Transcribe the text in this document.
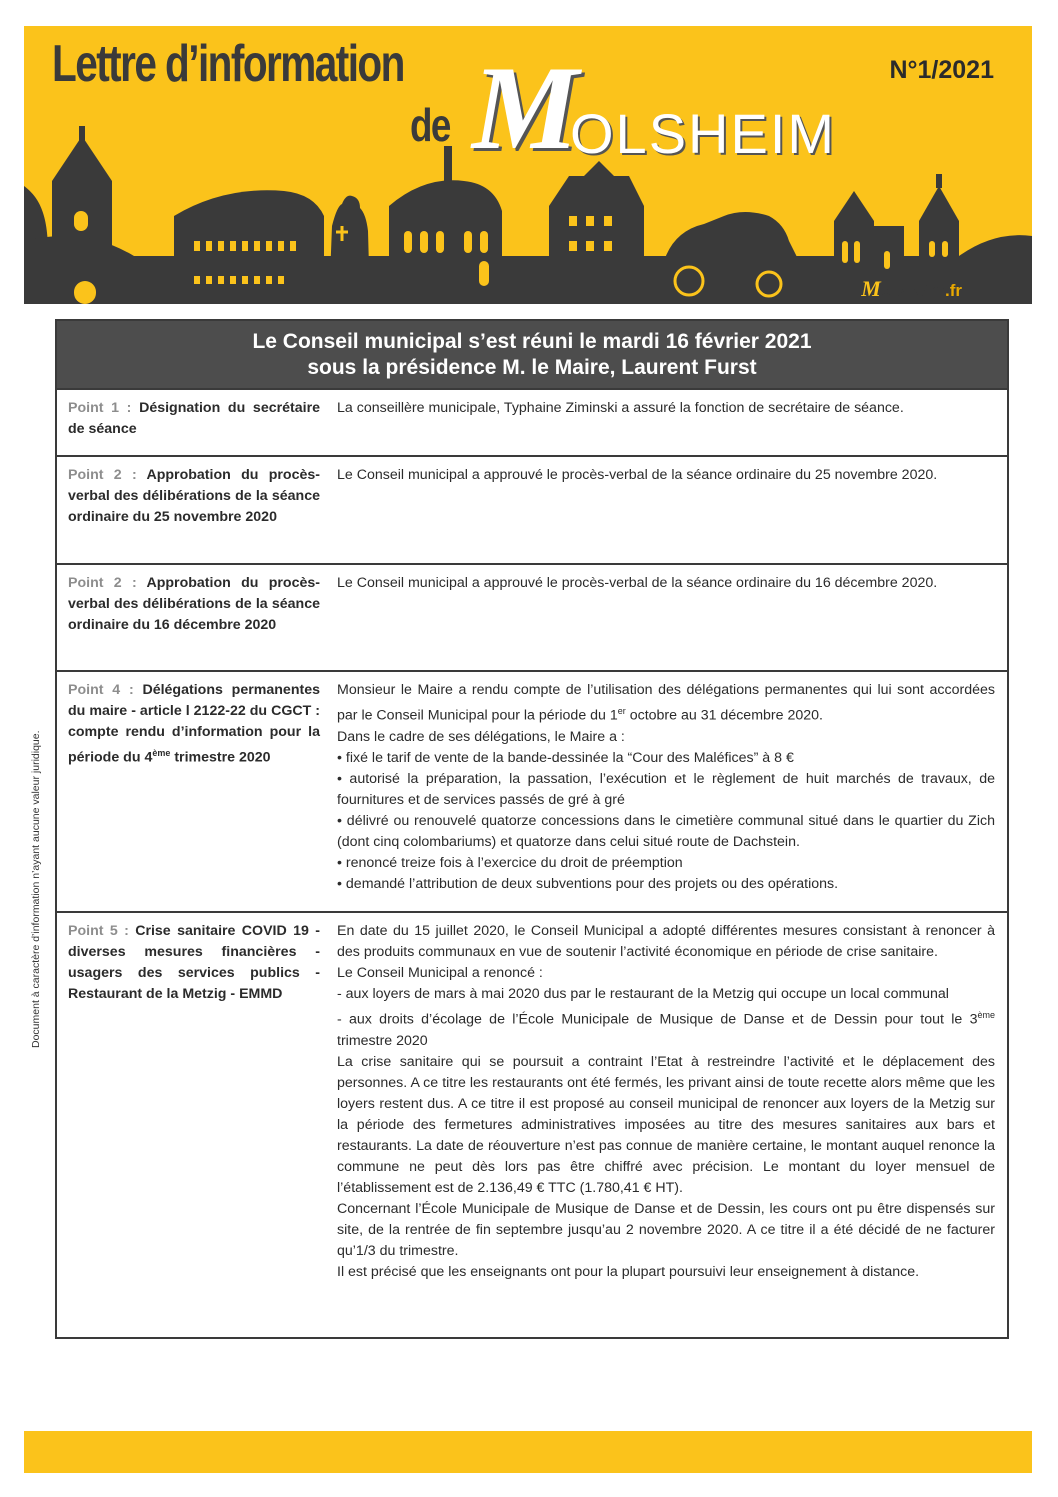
Lettre d’information
de M
OLSHEIM
N°1/2021
Molsheim.fr
Le Conseil municipal s’est réuni le mardi 16 février 2021
sous la présidence M. le Maire, Laurent Furst
Point 1 : Désignation du secrétaire de séance

La conseillère municipale, Typhaine Ziminski a assuré la fonction de secrétaire de séance.

Point 2 : Approbation du procès-verbal des délibérations de la séance ordinaire du 25 novembre 2020

Le Conseil municipal a approuvé le procès-verbal de la séance ordinaire du 25 novembre 2020.

Point 2 : Approbation du procès-verbal des délibérations de la séance ordinaire du 16 décembre 2020

Le Conseil municipal a approuvé le procès-verbal de la séance ordinaire du 16 décembre 2020.

Point 4 : Délégations permanentes du maire - article l 2122-22 du CGCT : compte rendu d’information pour la période du 4ème trimestre 2020

Monsieur le Maire a rendu compte de l’utilisation des délégations permanentes qui lui sont accordées par le Conseil Municipal pour la période du 1er octobre au 31 décembre 2020.

Dans le cadre de ses délégations, le Maire a :

• fixé le tarif de vente de la bande-dessinée la “Cour des Maléfices” à 8 €

• autorisé la préparation, la passation, l’exécution et le règlement de huit marchés de travaux, de fournitures et de services passés de gré à gré

• délivré ou renouvelé quatorze concessions dans le cimetière communal situé dans le quartier du Zich (dont cinq colombariums) et quatorze dans celui situé route de Dachstein.

• renoncé treize fois à l’exercice du droit de préemption

• demandé l’attribution de deux subventions pour des projets ou des opérations.

Point 5 : Crise sanitaire COVID 19 - diverses mesures financières - usagers des services publics - Restaurant de la Metzig - EMMD

En date du 15 juillet 2020, le Conseil Municipal a adopté différentes mesures consistant à renoncer à des produits communaux en vue de soutenir l’activité économique en période de crise sanitaire.

Le Conseil Municipal a renoncé :

- aux loyers de mars à mai 2020 dus par le restaurant de la Metzig qui occupe un local communal

- aux droits d’écolage de l’École Municipale de Musique de Danse et de Dessin pour tout le 3ème trimestre 2020

La crise sanitaire qui se poursuit a contraint l’Etat à restreindre l’activité et le déplacement des personnes. A ce titre les restaurants ont été fermés, les privant ainsi de toute recette alors même que les loyers restent dus. A ce titre il est proposé au conseil municipal de renoncer aux loyers de la Metzig sur la période des fermetures administratives imposées au titre des mesures sanitaires aux bars et restaurants. La date de réouverture n’est pas connue de manière certaine, le montant auquel renonce la commune ne peut dès lors pas être chiffré avec précision. Le montant du loyer mensuel de l’établissement est de 2.136,49 € TTC (1.780,41 € HT).

Concernant l’École Municipale de Musique de Danse et de Dessin, les cours ont pu être dispensés sur site, de la rentrée de fin septembre jusqu’au 2 novembre 2020. A ce titre il a été décidé de ne facturer qu’1/3 du trimestre.

Il est précisé que les enseignants ont pour la plupart poursuivi leur enseignement à distance.

Document à caractère d’information n’ayant aucune valeur juridique.
